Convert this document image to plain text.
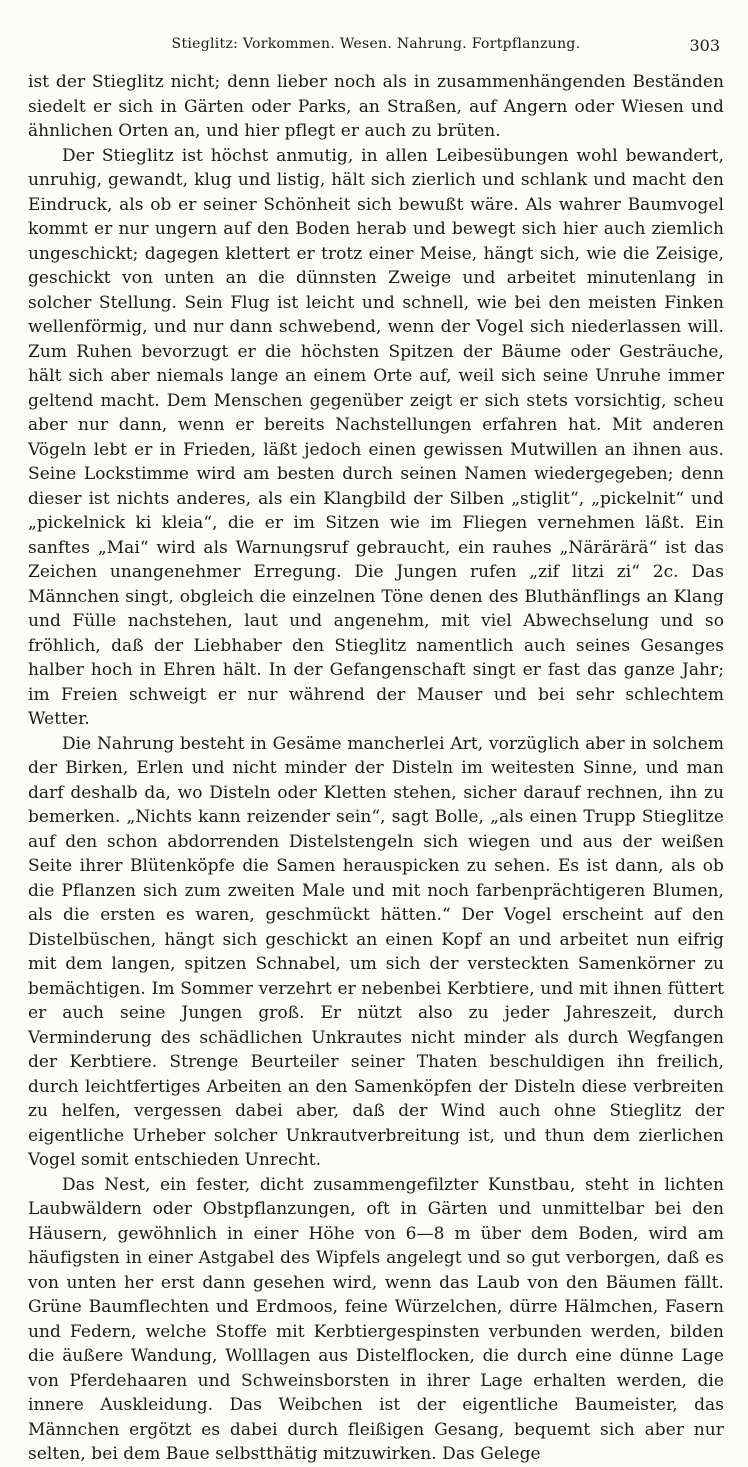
Stieglitz: Vorkommen. Wesen. Nahrung. Fortpflanzung.	303

ist der Stieglitz nicht; denn lieber noch als in zusammenhängenden Beständen siedelt er sich in Gärten oder Parks, an Straßen, auf Angern oder Wiesen und ähnlichen Orten an, und hier pflegt er auch zu brüten.

Der Stieglitz ist höchst anmutig, in allen Leibesübungen wohl bewandert, unruhig, gewandt, klug und listig, hält sich zierlich und schlank und macht den Eindruck, als ob er seiner Schönheit sich bewußt wäre. Als wahrer Baumvogel kommt er nur ungern auf den Boden herab und bewegt sich hier auch ziemlich ungeschickt; dagegen klettert er trotz einer Meise, hängt sich, wie die Zeisige, geschickt von unten an die dünnsten Zweige und arbeitet minutenlang in solcher Stellung. Sein Flug ist leicht und schnell, wie bei den meisten Finken wellenförmig, und nur dann schwebend, wenn der Vogel sich niederlassen will. Zum Ruhen bevorzugt er die höchsten Spitzen der Bäume oder Gesträuche, hält sich aber niemals lange an einem Orte auf, weil sich seine Unruhe immer geltend macht. Dem Menschen gegenüber zeigt er sich stets vorsichtig, scheu aber nur dann, wenn er bereits Nachstellungen erfahren hat. Mit anderen Vögeln lebt er in Frieden, läßt jedoch einen gewissen Mutwillen an ihnen aus. Seine Lockstimme wird am besten durch seinen Namen wiedergegeben; denn dieser ist nichts anderes, als ein Klangbild der Silben „stiglit“, „pickelnit“ und „pickelnick ki kleia“, die er im Sitzen wie im Fliegen vernehmen läßt. Ein sanftes „Mai“ wird als Warnungsruf gebraucht, ein rauhes „Närärärä“ ist das Zeichen unangenehmer Erregung. Die Jungen rufen „zif litzi zi“ 2c. Das Männchen singt, obgleich die einzelnen Töne denen des Bluthänflings an Klang und Fülle nachstehen, laut und angenehm, mit viel Abwechselung und so fröhlich, daß der Liebhaber den Stieglitz namentlich auch seines Gesanges halber hoch in Ehren hält. In der Gefangenschaft singt er fast das ganze Jahr; im Freien schweigt er nur während der Mauser und bei sehr schlechtem Wetter.

Die Nahrung besteht in Gesäme mancherlei Art, vorzüglich aber in solchem der Birken, Erlen und nicht minder der Disteln im weitesten Sinne, und man darf deshalb da, wo Disteln oder Kletten stehen, sicher darauf rechnen, ihn zu bemerken. „Nichts kann reizender sein“, sagt Bolle, „als einen Trupp Stieglitze auf den schon abdorrenden Distelstengeln sich wiegen und aus der weißen Seite ihrer Blütenköpfe die Samen herauspicken zu sehen. Es ist dann, als ob die Pflanzen sich zum zweiten Male und mit noch farbenprächtigeren Blumen, als die ersten es waren, geschmückt hätten.“ Der Vogel erscheint auf den Distelbüschen, hängt sich geschickt an einen Kopf an und arbeitet nun eifrig mit dem langen, spitzen Schnabel, um sich der versteckten Samenkörner zu bemächtigen. Im Sommer verzehrt er nebenbei Kerbtiere, und mit ihnen füttert er auch seine Jungen groß. Er nützt also zu jeder Jahreszeit, durch Verminderung des schädlichen Unkrautes nicht minder als durch Wegfangen der Kerbtiere. Strenge Beurteiler seiner Thaten beschuldigen ihn freilich, durch leichtfertiges Arbeiten an den Samenköpfen der Disteln diese verbreiten zu helfen, vergessen dabei aber, daß der Wind auch ohne Stieglitz der eigentliche Urheber solcher Unkrautverbreitung ist, und thun dem zierlichen Vogel somit entschieden Unrecht.

Das Nest, ein fester, dicht zusammengefilzter Kunstbau, steht in lichten Laubwäldern oder Obstpflanzungen, oft in Gärten und unmittelbar bei den Häusern, gewöhnlich in einer Höhe von 6—8 m über dem Boden, wird am häufigsten in einer Astgabel des Wipfels angelegt und so gut verborgen, daß es von unten her erst dann gesehen wird, wenn das Laub von den Bäumen fällt. Grüne Baumflechten und Erdmoos, feine Würzelchen, dürre Hälmchen, Fasern und Federn, welche Stoffe mit Kerbtiergespinsten verbunden werden, bilden die äußere Wandung, Wolllagen aus Distelflocken, die durch eine dünne Lage von Pferdehaaren und Schweinsborsten in ihrer Lage erhalten werden, die innere Auskleidung. Das Weibchen ist der eigentliche Baumeister, das Männchen ergötzt es dabei durch fleißigen Gesang, bequemt sich aber nur selten, bei dem Baue selbstthätig mitzuwirken. Das Gelege
